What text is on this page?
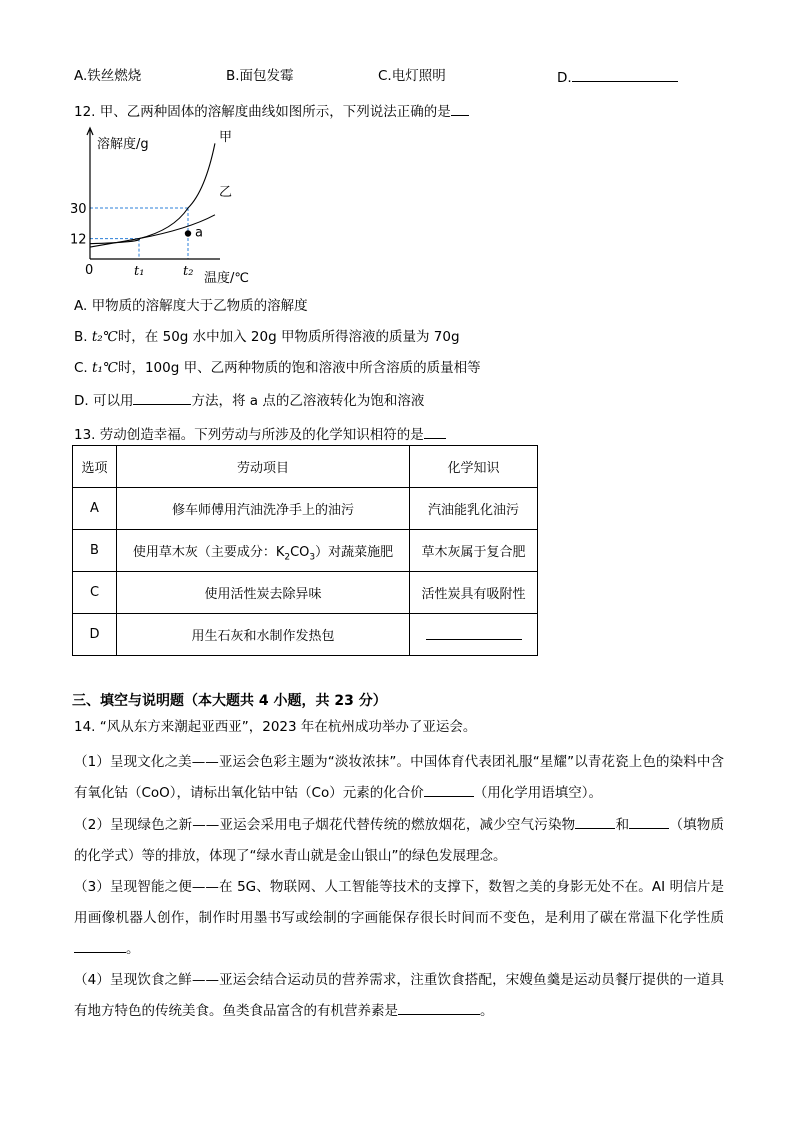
A.铁丝燃烧	B.面包发霉	C.电灯照明	D.
12. 甲、乙两种固体的溶解度曲线如图所示，下列说法正确的是
溶解度/g
温度/℃
0
30
12
t₁	t₂
甲
乙
a
A. 甲物质的溶解度大于乙物质的溶解度
B. t₂℃时，在 50g 水中加入 20g 甲物质所得溶液的质量为 70g
C. t₁℃时，100g 甲、乙两种物质的饱和溶液中所含溶质的质量相等
D. 可以用	方法，将 a 点的乙溶液转化为饱和溶液
13. 劳动创造幸福。下列劳动与所涉及的化学知识相符的是
选项	劳动项目	化学知识
A	修车师傅用汽油洗净手上的油污	汽油能乳化油污
B	使用草木灰（主要成分：$K_2CO_3$）对蔬菜施肥	草木灰属于复合肥
C	使用活性炭去除异味	活性炭具有吸附性
D	用生石灰和水制作发热包	
三、填空与说明题（本大题共 4 小题，共 23 分）
14. “风从东方来潮起亚西亚”，2023 年在杭州成功举办了亚运会。
（1）呈现文化之美——亚运会色彩主题为“淡妆浓抹”。中国体育代表团礼服“星耀”以青花瓷上色的染料中含有氧化钴（CoO），请标出氧化钴中钴（Co）元素的化合价	（用化学用语填空）。
（2）呈现绿色之新——亚运会采用电子烟花代替传统的燃放烟花，减少空气污染物	和	（填物质的化学式）等的排放，体现了“绿水青山就是金山银山”的绿色发展理念。
（3）呈现智能之便——在 5G、物联网、人工智能等技术的支撑下，数智之美的身影无处不在。AI 明信片是用画像机器人创作，制作时用墨书写或绘制的字画能保存很长时间而不变色，是利用了碳在常温下化学性质。
（4）呈现饮食之鲜——亚运会结合运动员的营养需求，注重饮食搭配，宋嫂鱼羹是运动员餐厅提供的一道具有地方特色的传统美食。鱼类食品富含的有机营养素是	。
